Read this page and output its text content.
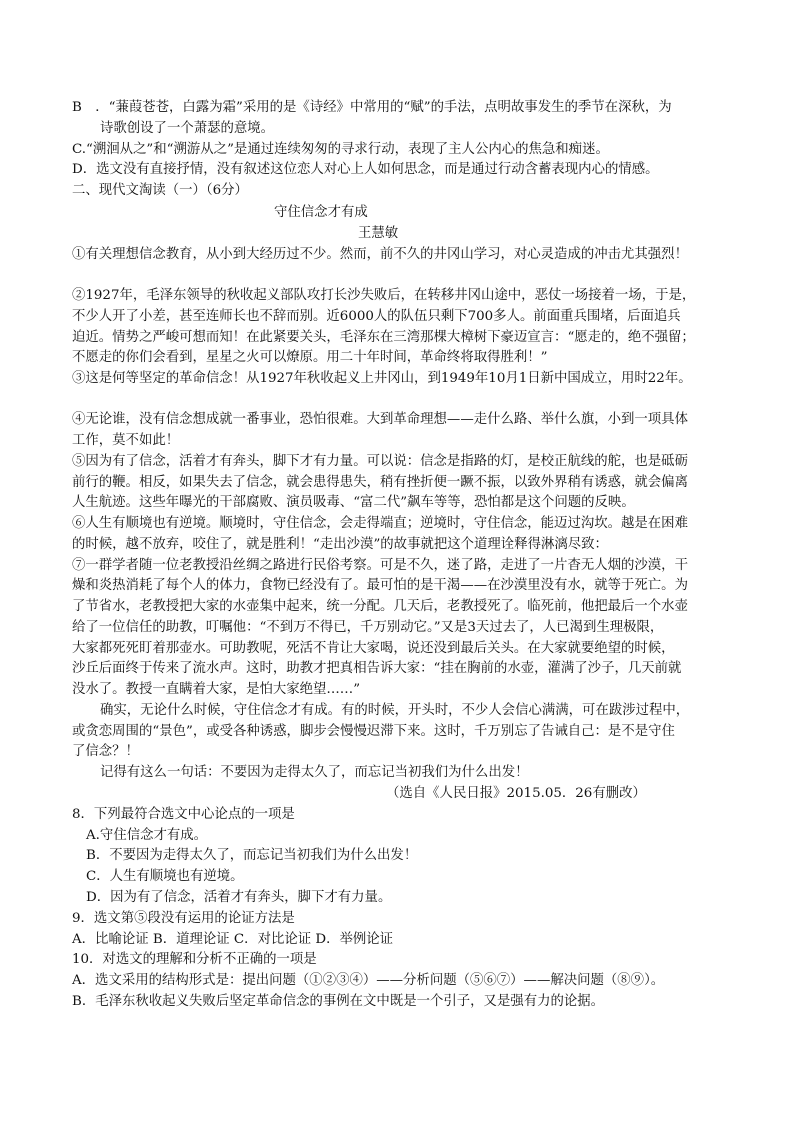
B　．“蒹葭苍苍，白露为霜”采用的是《诗经》中常用的“赋”的手法，点明故事发生的季节在深秋，为
诗歌创设了一个萧瑟的意境。
C.“溯洄从之”和“溯游从之”是通过连续匆匆的寻求行动，表现了主人公内心的焦急和痴迷。
D．选文没有直接抒情，没有叙述这位恋人对心上人如何思念，而是通过行动含蓄表现内心的情感。
二、现代文淘读（一）（6分）
守住信念才有成
王慧敏
①有关理想信念教育，从小到大经历过不少。然而，前不久的井冈山学习，对心灵造成的冲击尤其强烈！
②1927年，毛泽东领导的秋收起义部队攻打长沙失败后，在转移井冈山途中，恶仗一场接着一场，于是，
不少人开了小差，甚至连师长也不辞而别。近6000人的队伍只剩下700多人。前面重兵围堵，后面追兵
迫近。情势之严峻可想而知！在此紧要关头，毛泽东在三湾那棵大樟树下豪迈宣言：“愿走的，绝不强留；
不愿走的你们会看到，星星之火可以燎原。用二十年时间，革命终将取得胜利！”
③这是何等坚定的革命信念！从1927年秋收起义上井冈山，到1949年10月1日新中国成立，用时22年。
④无论谁，没有信念想成就一番事业，恐怕很难。大到革命理想——走什么路、举什么旗，小到一项具体
工作，莫不如此！
⑤因为有了信念，活着才有奔头，脚下才有力量。可以说：信念是指路的灯，是校正航线的舵，也是砥砺
前行的鞭。相反，如果失去了信念，就会患得患失，稍有挫折便一蹶不振，以致外界稍有诱惑，就会偏离
人生航迹。这些年曝光的干部腐败、演员吸毒、“富二代”飙车等等，恐怕都是这个问题的反映。
⑥人生有顺境也有逆境。顺境时，守住信念，会走得端直；逆境时，守住信念，能迈过沟坎。越是在困难
的时候，越不放弃，咬住了，就是胜利！“走出沙漠”的故事就把这个道理诠释得淋漓尽致：
⑦一群学者随一位老教授沿丝绸之路进行民俗考察。可是不久，迷了路，走进了一片杳无人烟的沙漠，干
燥和炎热消耗了每个人的体力，食物已经没有了。最可怕的是干渴——在沙漠里没有水，就等于死亡。为
了节省水，老教授把大家的水壶集中起来，统一分配。几天后，老教授死了。临死前，他把最后一个水壶
给了一位信任的助教，叮嘱他：“不到万不得已，千万别动它。”又是3天过去了，人已渴到生理极限，
大家都死死盯着那壶水。可助教呢，死活不肯让大家喝，说还没到最后关头。在大家就要绝望的时候，
沙丘后面终于传来了流水声。这时，助教才把真相告诉大家：“挂在胸前的水壶，灌满了沙子，几天前就
没水了。教授一直瞒着大家，是怕大家绝望……”
确实，无论什么时候，守住信念才有成。有的时候，开头时，不少人会信心满满，可在跋涉过程中，
或贪恋周围的“景色”，或受各种诱惑，脚步会慢慢迟滞下来。这时，千万别忘了告诫自己：是不是守住
了信念？！
记得有这么一句话：不要因为走得太久了，而忘记当初我们为什么出发！
（选自《人民日报》2015.05．26有删改）
8．下列最符合选文中心论点的一项是
A.守住信念才有成。
B．不要因为走得太久了，而忘记当初我们为什么出发！
C．人生有顺境也有逆境。
D．因为有了信念，活着才有奔头，脚下才有力量。
9．选文第⑤段没有运用的论证方法是
A．比喻论证 B．道理论证 C．对比论证 D．举例论证
10．对选文的理解和分析不正确的一项是
A．选文采用的结构形式是：提出问题（①②③④）——分析问题（⑤⑥⑦）——解决问题（⑧⑨）。
B．毛泽东秋收起义失败后坚定革命信念的事例在文中既是一个引子，又是强有力的论据。
